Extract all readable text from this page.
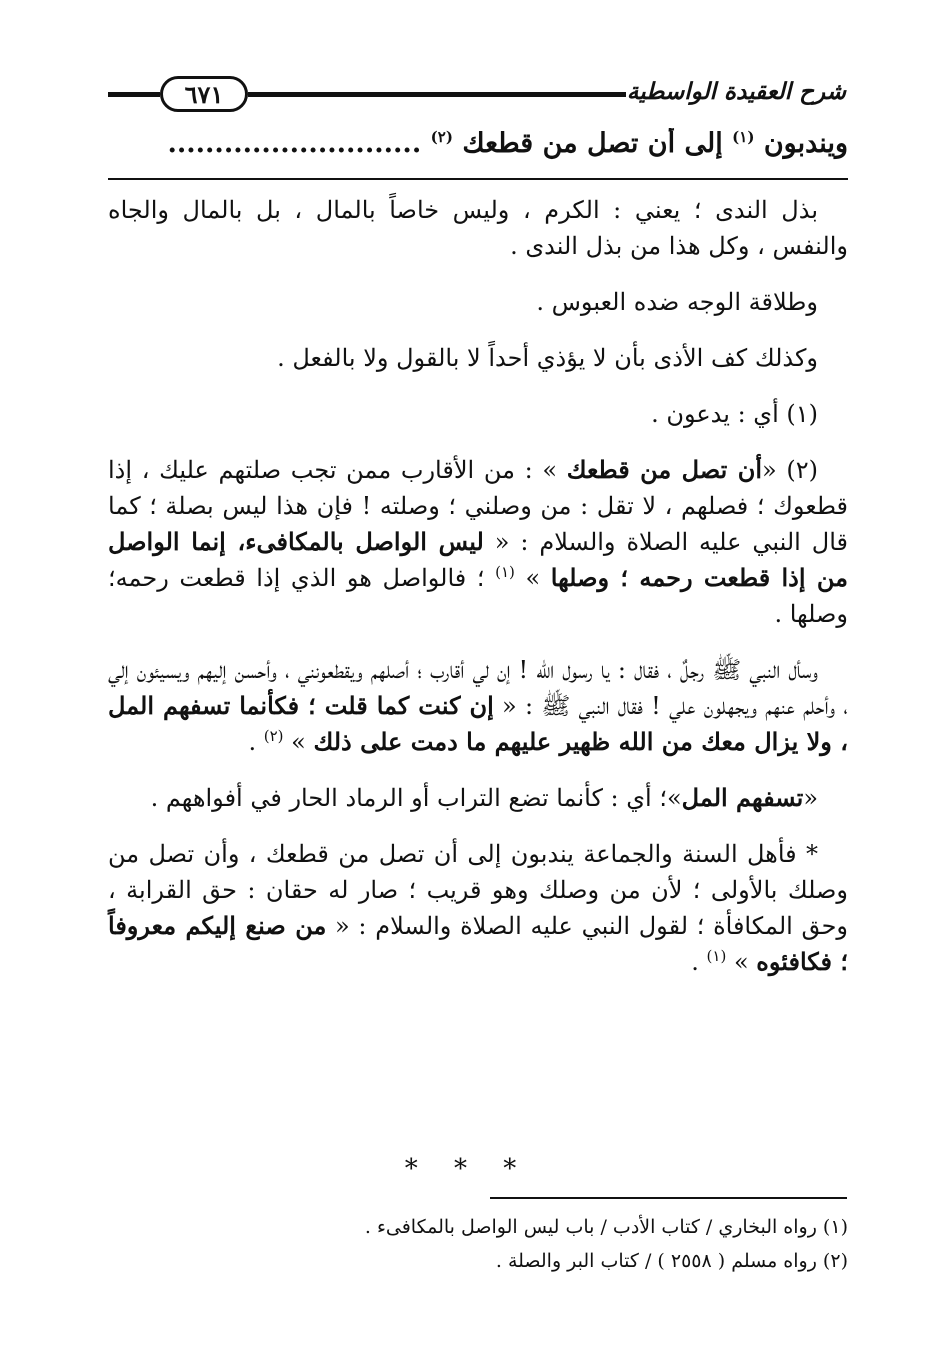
٦٧١	شرح العقيدة الواسطية
ويندبون $^{(١)}$ إلى أن تصل من قطعك $^{(٢)}$ ...........................

بذل الندى ؛ يعني : الكرم ، وليس خاصاً بالمال ، بل بالمال والجاه والنفس ، وكل هذا من بذل الندى .

وطلاقة الوجه ضده العبوس .

وكذلك كف الأذى بأن لا يؤذي أحداً لا بالقول ولا بالفعل .

(١) أي : يدعون .

(٢) «أن تصل من قطعك » : من الأقارب ممن تجب صلتهم عليك ، إذا قطعوك ؛ فصلهم ، لا تقل : من وصلني ؛ وصلته ! فإن هذا ليس بصلة ؛ كما قال النبي عليه الصلاة والسلام : « ليس الواصل بالمكافىء، إنما الواصل من إذا قطعت رحمه ؛ وصلها » $^{(١)}$ ؛ فالواصل هو الذي إذا قطعت رحمه؛ وصلها .

وسأل النبي ﷺ رجلٌ ، فقال : يا رسول الله ! إن لي أقارب ؛ أصلهم ويقطعونني ، وأحسن إليهم ويسيئون إلي ، وأحلم عنهم ويجهلون علي ! فقال النبي ﷺ : « إن كنت كما قلت ؛ فكأنما تسفهم المل ، ولا يزال معك من الله ظهير عليهم ما دمت على ذلك » $^{(٢)}$ .

«تسفهم المل»؛ أي : كأنما تضع التراب أو الرماد الحار في أفواههم .

* فأهل السنة والجماعة يندبون إلى أن تصل من قطعك ، وأن تصل من وصلك بالأولى ؛ لأن من وصلك وهو قريب ؛ صار له حقان : حق القرابة ، وحق المكافأة ؛ لقول النبي عليه الصلاة والسلام : « من صنع إليكم معروفاً ؛ فكافئوه » $^{(١)}$ .

* * *
(١) رواه البخاري / كتاب الأدب / باب ليس الواصل بالمكافىء .
(٢) رواه مسلم ( ٢٥٥٨ ) / كتاب البر والصلة .
